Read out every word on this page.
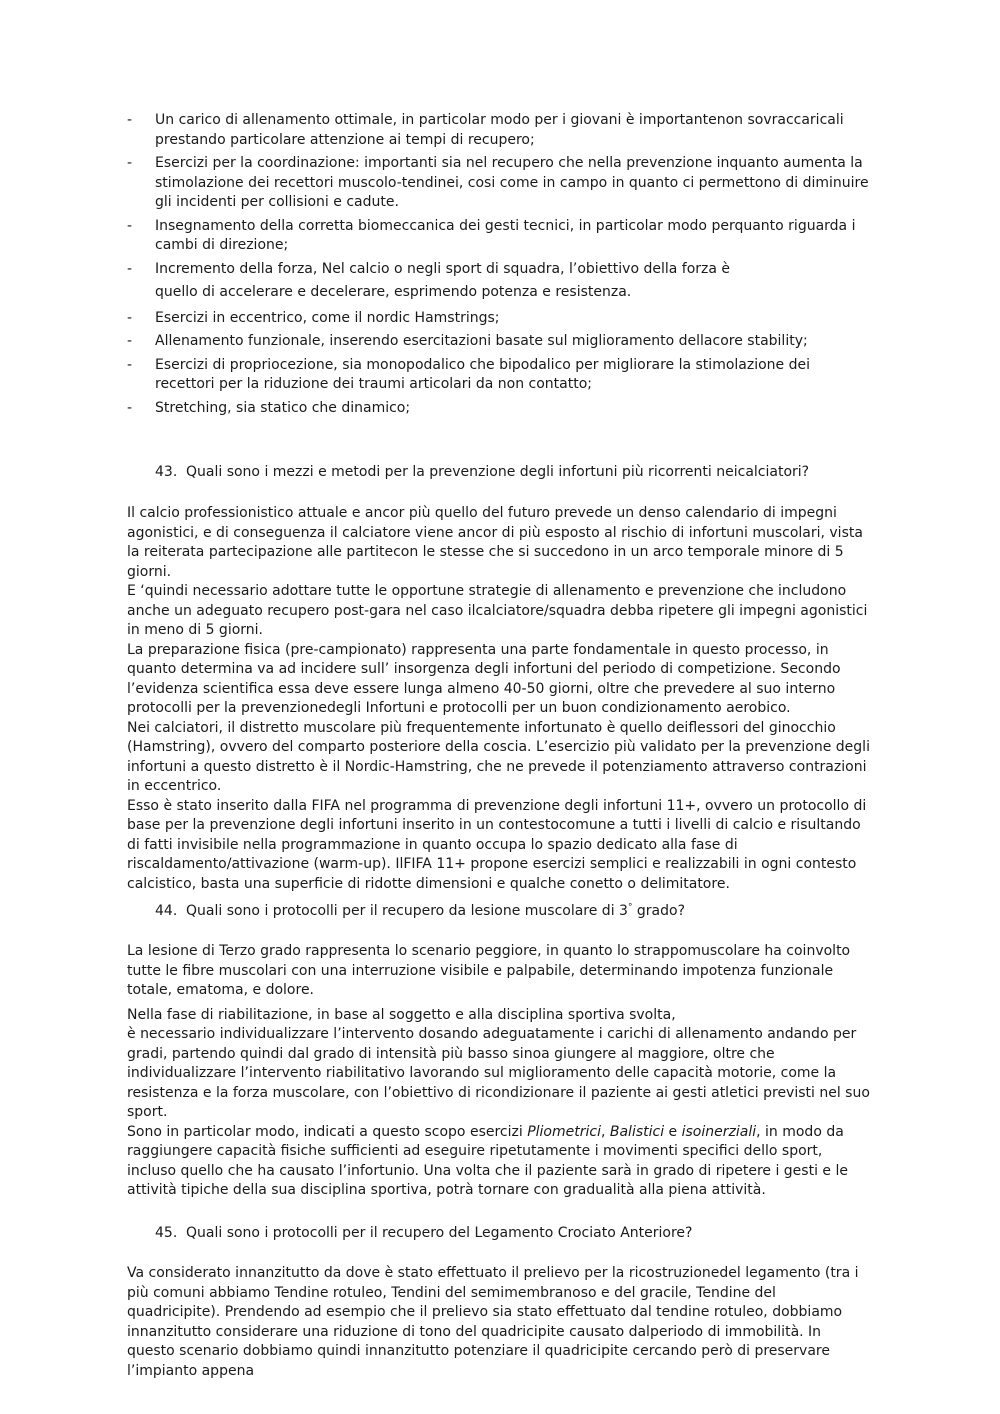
- Un carico di allenamento ottimale, in particolar modo per i giovani è importantenon sovraccaricali prestando particolare attenzione ai tempi di recupero;
- Esercizi per la coordinazione: importanti sia nel recupero che nella prevenzione inquanto aumenta la stimolazione dei recettori muscolo-tendinei, cosi come in campo in quanto ci permettono di diminuire gli incidenti per collisioni e cadute.
- Insegnamento della corretta biomeccanica dei gesti tecnici, in particolar modo perquanto riguarda i cambi di direzione;
- Incremento della forza, Nel calcio o negli sport di squadra, l’obiettivo della forza è
quello di accelerare e decelerare, esprimendo potenza e resistenza.
- Esercizi in eccentrico, come il nordic Hamstrings;
- Allenamento funzionale, inserendo esercitazioni basate sul miglioramento dellacore stability;
- Esercizi di propriocezione, sia monopodalico che bipodalico per migliorare la stimolazione dei recettori per la riduzione dei traumi articolari da non contatto;
- Stretching, sia statico che dinamico;
43. Quali sono i mezzi e metodi per la prevenzione degli infortuni più ricorrenti neicalciatori?

Il calcio professionistico attuale e ancor più quello del futuro prevede un denso calendario di impegni agonistici, e di conseguenza il calciatore viene ancor di più esposto al rischio di infortuni muscolari, vista la reiterata partecipazione alle partitecon le stesse che si succedono in un arco temporale minore di 5 giorni.

E ‘quindi necessario adottare tutte le opportune strategie di allenamento e prevenzione che includono anche un adeguato recupero post-gara nel caso ilcalciatore/squadra debba ripetere gli impegni agonistici in meno di 5 giorni.

La preparazione fisica (pre-campionato) rappresenta una parte fondamentale in questo processo, in quanto determina va ad incidere sull’ insorgenza degli infortuni del periodo di competizione. Secondo l’evidenza scientifica essa deve essere lunga almeno 40-50 giorni, oltre che prevedere al suo interno protocolli per la prevenzionedegli Infortuni e protocolli per un buon condizionamento aerobico.

Nei calciatori, il distretto muscolare più frequentemente infortunato è quello deiflessori del ginocchio (Hamstring), ovvero del comparto posteriore della coscia. L’esercizio più validato per la prevenzione degli infortuni a questo distretto è il Nordic-Hamstring, che ne prevede il potenziamento attraverso contrazioni in eccentrico.

Esso è stato inserito dalla FIFA nel programma di prevenzione degli infortuni 11+, ovvero un protocollo di base per la prevenzione degli infortuni inserito in un contestocomune a tutti i livelli di calcio e risultando di fatti invisibile nella programmazione in quanto occupa lo spazio dedicato alla fase di riscaldamento/attivazione (warm-up). IlFIFA 11+ propone esercizi semplici e realizzabili in ogni contesto calcistico, basta una superficie di ridotte dimensioni e qualche conetto o delimitatore.

44. Quali sono i protocolli per il recupero da lesione muscolare di 3° grado?

La lesione di Terzo grado rappresenta lo scenario peggiore, in quanto lo strappomuscolare ha coinvolto tutte le fibre muscolari con una interruzione visibile e palpabile, determinando impotenza funzionale totale, ematoma, e dolore.

Nella fase di riabilitazione, in base al soggetto e alla disciplina sportiva svolta,

è necessario individualizzare l’intervento dosando adeguatamente i carichi di allenamento andando per gradi, partendo quindi dal grado di intensità più basso sinoa giungere al maggiore, oltre che individualizzare l’intervento riabilitativo lavorando sul miglioramento delle capacità motorie, come la resistenza e la forza muscolare, con l’obiettivo di ricondizionare il paziente ai gesti atletici previsti nel suo sport.

Sono in particolar modo, indicati a questo scopo esercizi Pliometrici, Balistici e isoinerziali, in modo da raggiungere capacità fisiche sufficienti ad eseguire ripetutamente i movimenti specifici dello sport, incluso quello che ha causato l’infortunio. Una volta che il paziente sarà in grado di ripetere i gesti e le attività tipiche della sua disciplina sportiva, potrà tornare con gradualità alla piena attività.

45. Quali sono i protocolli per il recupero del Legamento Crociato Anteriore?

Va considerato innanzitutto da dove è stato effettuato il prelievo per la ricostruzionedel legamento (tra i più comuni abbiamo Tendine rotuleo, Tendini del semimembranoso e del gracile, Tendine del quadricipite). Prendendo ad esempio che il prelievo sia stato effettuato dal tendine rotuleo, dobbiamo innanzitutto considerare una riduzione di tono del quadricipite causato dalperiodo di immobilità. In questo scenario dobbiamo quindi innanzitutto potenziare il quadricipite cercando però di preservare l’impianto appena
